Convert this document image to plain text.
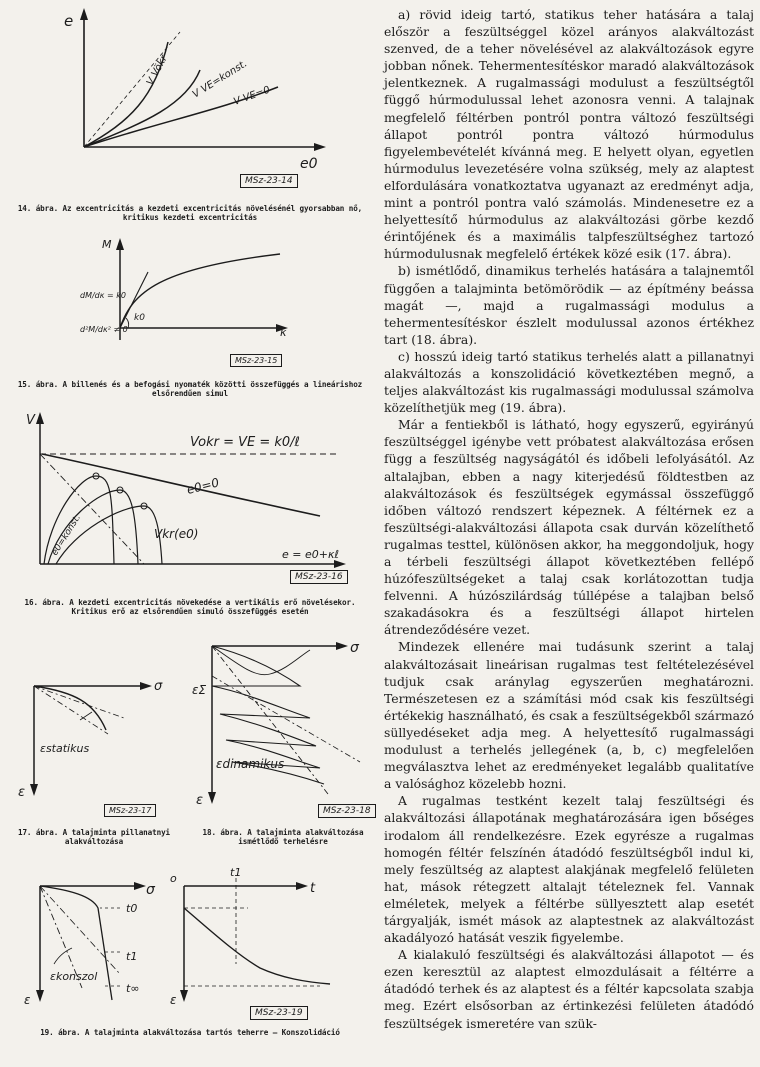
e
e0
V Vökr V VE=konst.
V VE=0
MSz-23-14
14. ábra. Az excentricitás a kezdeti excentricitás növelésénél gyorsabban nő, kritikus kezdeti excentricitás
M
κ
k0
dM/dκ = k0
d²M/dκ² ≠ 0
MSz-23-15
15. ábra. A billenés és a befogási nyomaték közötti összefüggés a lineárishoz elsőrendűen simul
V
Vokr = VE = k0/ℓ
e0=0
e0=konst.	Vkr(e0)
e = e0+κℓ
MSz-23-16
16. ábra. A kezdeti excentricitás növekedése a vertikális erő növelésekor. Kritikus erő az elsőrendűen simuló összefüggés esetén
σ
εstatikus
ε
MSz-23-17
17. ábra. A talajminta pillanatnyi alakváltozása
σ
εΣ
εdinamikus
ε
MSz-23-18
18. ábra. A talajminta alakváltozása ismétlődő terhelésre
σ
o	t1
t
t0
t1
t∞
εkonszol
ε	ε
MSz-23-19
19. ábra. A talajminta alakváltozása tartós teherre — Konszolidáció

a) rövid ideig tartó, statikus teher hatására a talaj először a feszültséggel közel arányos alakváltozást szenved, de a teher növelésével az alakváltozások egyre jobban nőnek. Tehermentesítéskor maradó alakváltozások jelentkeznek. A rugalmassági modulust a feszültségtől függő húrmodulussal lehet azonosra venni. A talajnak megfelelő féltérben pontról pontra változó feszültségi állapot pontról pontra változó húrmodulus figyelembevételét kívánná meg. E helyett olyan, egyetlen húrmodulus levezetésére volna szükség, mely az alaptest elfordulására vonatkoztatva ugyanazt az eredményt adja, mint a pontról pontra való számolás. Mindenesetre ez a helyettesítő húrmodulus az alakváltozási görbe kezdő érintőjének és a maximális talpfeszültséghez tartozó húrmodulusnak megfelelő értékek közé esik (17. ábra).

b) ismétlődő, dinamikus terhelés hatására a talajnemtől függően a talajminta betömörödik — az építmény beássa magát —, majd a rugalmassági modulus a tehermentesítéskor észlelt modulussal azonos értékhez tart (18. ábra).

c) hosszú ideig tartó statikus terhelés alatt a pillanatnyi alakváltozás a konszolidáció következtében megnő, a teljes alakváltozást kis rugalmassági modulussal számolva közelíthetjük meg (19. ábra).

Már a fentiekből is látható, hogy egyszerű, egyirányú feszültséggel igénybe vett próbatest alakváltozása erősen függ a feszültség nagyságától és időbeli lefolyásától. Az altalajban, ebben a nagy kiterjedésű földtestben az alakváltozások és feszültségek egymással összefüggő időben változó rendszert képeznek. A féltérnek ez a feszültségi-alakváltozási állapota csak durván közelíthető rugalmas testtel, különösen akkor, ha meggondoljuk, hogy a térbeli feszültségi állapot következtében fellépő húzófeszültségeket a talaj csak korlátozottan tudja felvenni. A húzószilárdság túllépése a talajban belső szakadásokra és a feszültségi állapot hirtelen átrendeződésére vezet.

Mindezek ellenére mai tudásunk szerint a talaj alakváltozásait lineárisan rugalmas test feltételezésével tudjuk csak aránylag egyszerűen meghatározni. Természetesen ez a számítási mód csak kis feszültségi értékekig használható, és csak a feszültségekből származó süllyedéseket adja meg. A helyettesítő rugalmassági modulust a terhelés jellegének (a, b, c) megfelelően megválasztva lehet az eredményeket legalább qualitatíve a valósághoz közelebb hozni.

A rugalmas testként kezelt talaj feszültségi és alakváltozási állapotának meghatározására igen bőséges irodalom áll rendelkezésre. Ezek egyrésze a rugalmas homogén féltér felszínén átadódó feszültségből indul ki, mely feszültség az alaptest alakjának megfelelő felületen hat, mások rétegzett altalajt tételeznek fel. Vannak elméletek, melyek a féltérbe süllyesztett alap esetét tárgyalják, ismét mások az alaptestnek az alakváltozást akadályozó hatását veszik figyelembe.

A kialakuló feszültségi és alakváltozási állapotot — és ezen keresztül az alaptest elmozdulásait a féltérre a átadódó terhek és az alaptest és a féltér kapcsolata szabja meg. Ezért elsősorban az értinkezési felületen átadódó feszültségek ismeretére van szük-
